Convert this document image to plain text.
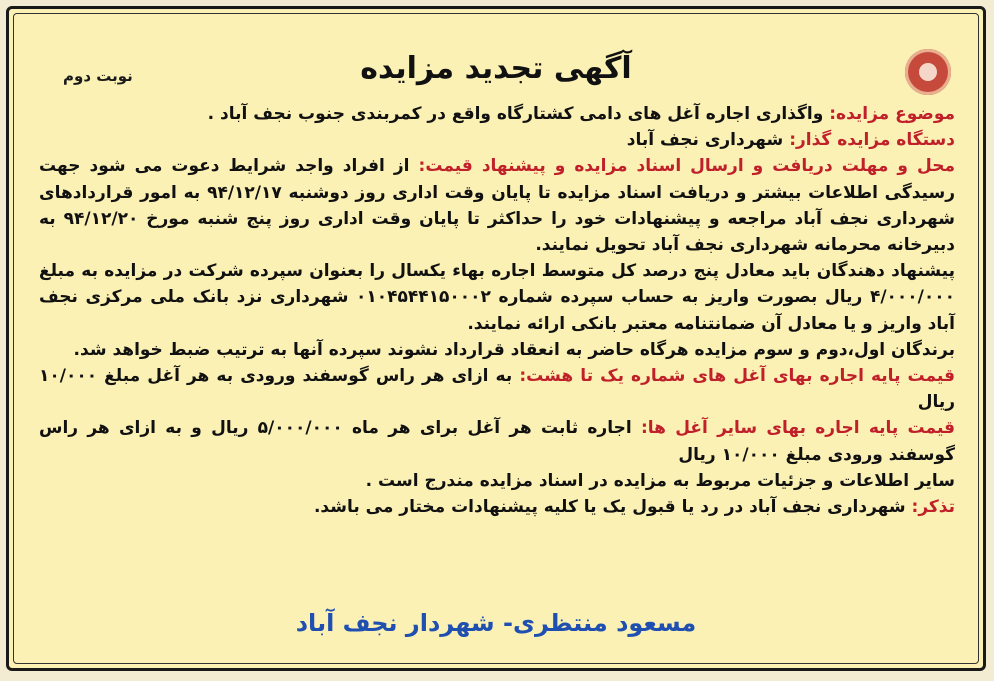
نوبت دوم	آگهی تجدید مزایده

موضوع مزایده: واگذاری اجاره آغل های دامی کشتارگاه واقع در کمربندی جنوب نجف آباد .

دستگاه مزایده گذار: شهرداری نجف آباد

محل و مهلت دریافت و ارسال اسناد مزایده و پیشنهاد قیمت: از افراد واجد شرایط دعوت می شود جهت رسیدگی اطلاعات بیشتر و دریافت اسناد مزایده تا پایان وقت اداری روز دوشنبه ۹۴/۱۲/۱۷ به امور قراردادهای شهرداری نجف آباد مراجعه و پیشنهادات خود را حداکثر تا پایان وقت اداری روز پنج شنبه مورخ ۹۴/۱۲/۲۰ به دبیرخانه محرمانه شهرداری نجف آباد تحویل نمایند.

پیشنهاد دهندگان باید معادل پنج درصد کل متوسط اجاره بهاء یکسال را بعنوان سپرده شرکت در مزایده به مبلغ ۴/۰۰۰/۰۰۰ ریال بصورت واریز به حساب سپرده شماره ۰۱۰۴۵۴۴۱۵۰۰۰۲ شهرداری نزد بانک ملی مرکزی نجف آباد واریز و یا معادل آن ضمانتنامه معتبر بانکی ارائه نمایند.

برندگان اول،دوم و سوم مزایده هرگاه حاضر به انعقاد قرارداد نشوند سپرده آنها به ترتیب ضبط خواهد شد.

قیمت پایه اجاره بهای آغل های شماره یک تا هشت: به ازای هر راس گوسفند ورودی به هر آغل مبلغ ۱۰/۰۰۰ ریال

قیمت پایه اجاره بهای سایر آغل ها: اجاره ثابت هر آغل برای هر ماه ۵/۰۰۰/۰۰۰ ریال و به ازای هر راس گوسفند ورودی مبلغ ۱۰/۰۰۰ ریال

سایر اطلاعات و جزئیات مربوط به مزایده در اسناد مزایده مندرج است .

تذکر: شهرداری نجف آباد در رد یا قبول یک یا کلیه پیشنهادات مختار می باشد.

مسعود منتظری- شهردار نجف آباد
